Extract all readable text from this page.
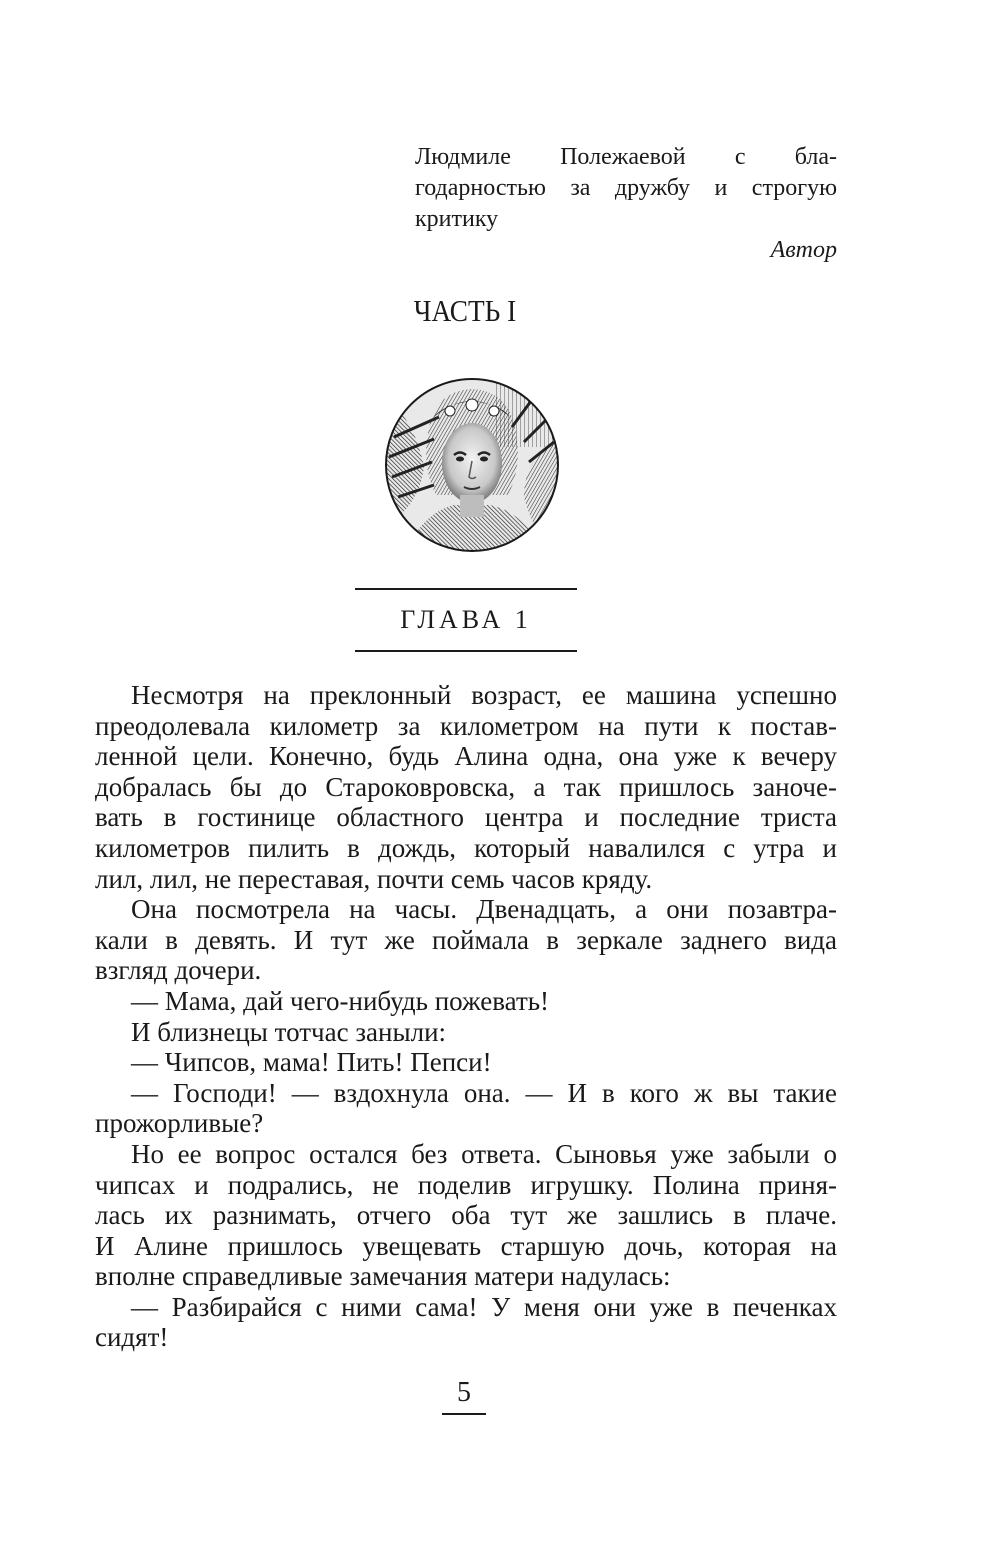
Людмиле Полежаевой с бла-
годарностью за дружбу и строгую
критику
Автор
ЧАСТЬ I
ГЛАВА 1
Несмотря на преклонный возраст, ее машина успешно
преодолевала километр за километром на пути к постав-
ленной цели. Конечно, будь Алина одна, она уже к вечеру
добралась бы до Староковровска, а так пришлось заноче-
вать в гостинице областного центра и последние триста
километров пилить в дождь, который навалился с утра и
лил, лил, не переставая, почти семь часов кряду.
Она посмотрела на часы. Двенадцать, а они позавтра-
кали в девять. И тут же поймала в зеркале заднего вида
взгляд дочери.
— Мама, дай чего-нибудь пожевать!
И близнецы тотчас заныли:
— Чипсов, мама! Пить! Пепси!
— Господи! — вздохнула она. — И в кого ж вы такие
прожорливые?
Но ее вопрос остался без ответа. Сыновья уже забыли о
чипсах и подрались, не поделив игрушку. Полина приня-
лась их разнимать, отчего оба тут же зашлись в плаче.
И Алине пришлось увещевать старшую дочь, которая на
вполне справедливые замечания матери надулась:
— Разбирайся с ними сама! У меня они уже в печенках
сидят!
5
